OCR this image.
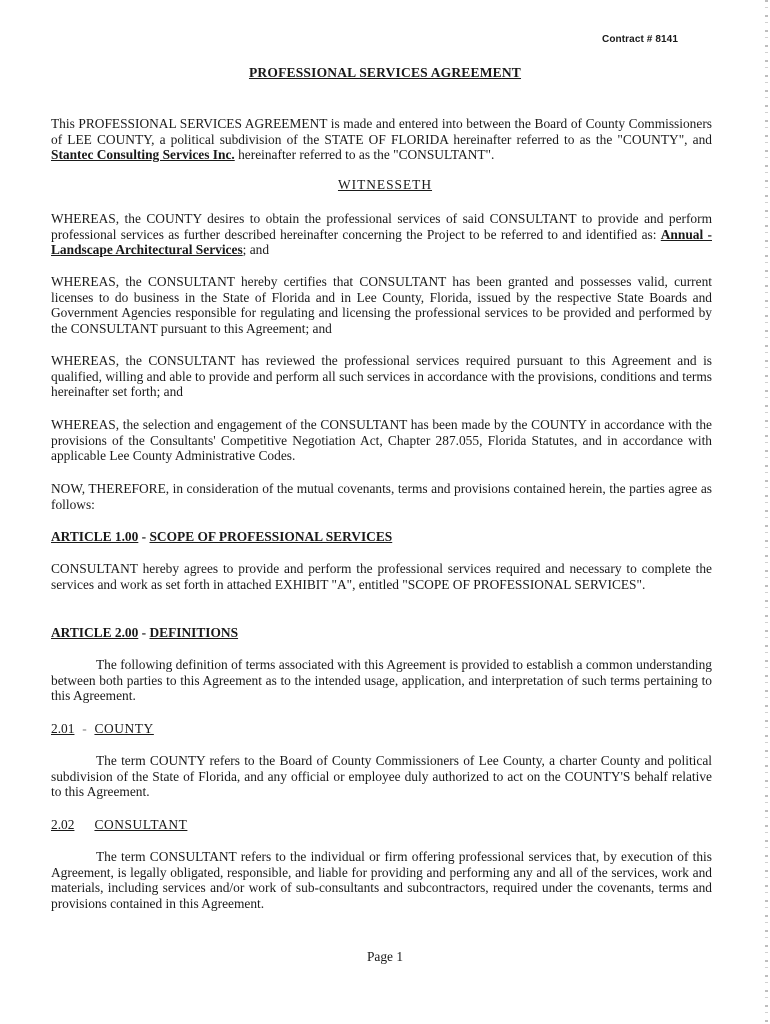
Contract # 8141
PROFESSIONAL SERVICES AGREEMENT

This PROFESSIONAL SERVICES AGREEMENT is made and entered into between the Board of County Commissioners of LEE COUNTY, a political subdivision of the STATE OF FLORIDA hereinafter referred to as the "COUNTY", and Stantec Consulting Services Inc. hereinafter referred to as the "CONSULTANT".

WITNESSETH

WHEREAS, the COUNTY desires to obtain the professional services of said CONSULTANT to provide and perform professional services as further described hereinafter concerning the Project to be referred to and identified as: Annual - Landscape Architectural Services; and

WHEREAS, the CONSULTANT hereby certifies that CONSULTANT has been granted and possesses valid, current licenses to do business in the State of Florida and in Lee County, Florida, issued by the respective State Boards and Government Agencies responsible for regulating and licensing the professional services to be provided and performed by the CONSULTANT pursuant to this Agreement; and

WHEREAS, the CONSULTANT has reviewed the professional services required pursuant to this Agreement and is qualified, willing and able to provide and perform all such services in accordance with the provisions, conditions and terms hereinafter set forth; and

WHEREAS, the selection and engagement of the CONSULTANT has been made by the COUNTY in accordance with the provisions of the Consultants' Competitive Negotiation Act, Chapter 287.055, Florida Statutes, and in accordance with applicable Lee County Administrative Codes.

NOW, THEREFORE, in consideration of the mutual covenants, terms and provisions contained herein, the parties agree as follows:

ARTICLE 1.00 - SCOPE OF PROFESSIONAL SERVICES

CONSULTANT hereby agrees to provide and perform the professional services required and necessary to complete the services and work as set forth in attached EXHIBIT "A", entitled "SCOPE OF PROFESSIONAL SERVICES".

ARTICLE 2.00 - DEFINITIONS

The following definition of terms associated with this Agreement is provided to establish a common understanding between both parties to this Agreement as to the intended usage, application, and interpretation of such terms pertaining to this Agreement.

2.01 - COUNTY

The term COUNTY refers to the Board of County Commissioners of Lee County, a charter County and political subdivision of the State of Florida, and any official or employee duly authorized to act on the COUNTY'S behalf relative to this Agreement.

2.02 CONSULTANT

The term CONSULTANT refers to the individual or firm offering professional services that, by execution of this Agreement, is legally obligated, responsible, and liable for providing and performing any and all of the services, work and materials, including services and/or work of sub-consultants and subcontractors, required under the covenants, terms and provisions contained in this Agreement.

Page 1
